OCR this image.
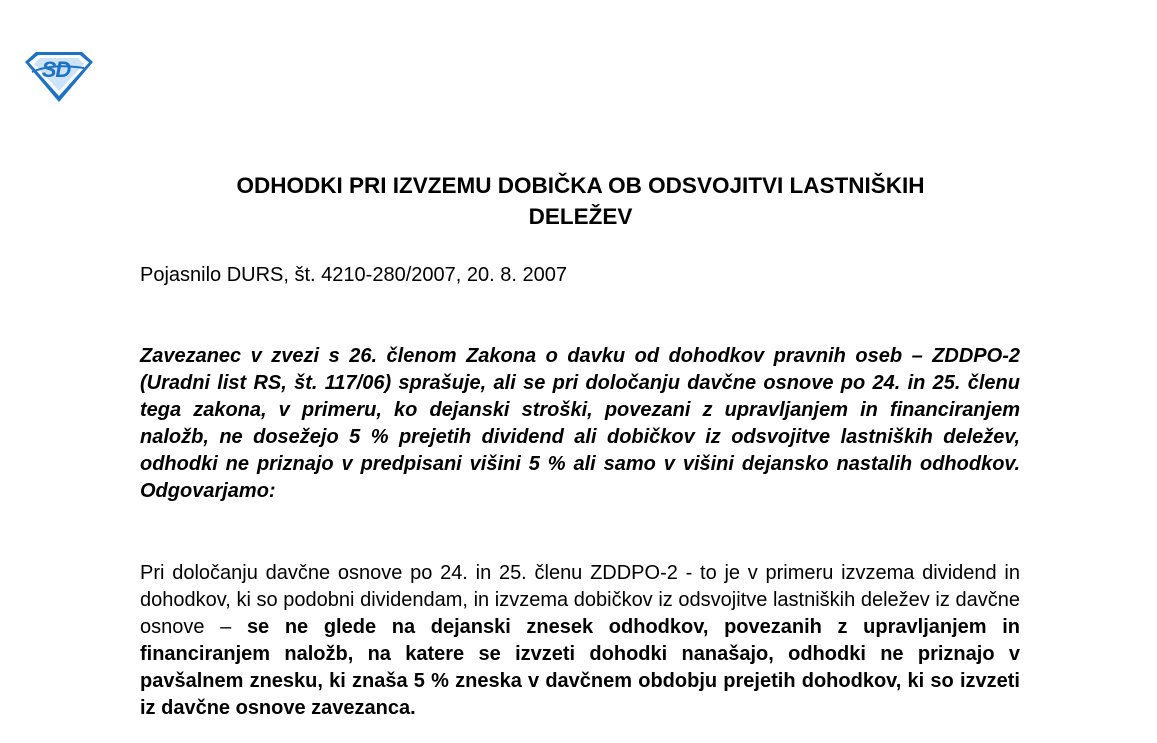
SD
ODHODKI PRI IZVZEMU DOBIČKA OB ODSVOJITVI LASTNIŠKIH
DELEŽEV

Pojasnilo DURS, št. 4210-280/2007, 20. 8. 2007

Zavezanec v zvezi s 26. členom Zakona o davku od dohodkov pravnih oseb – ZDDPO-2 (Uradni list RS, št. 117/06) sprašuje, ali se pri določanju davčne osnove po 24. in 25. členu tega zakona, v primeru, ko dejanski stroški, povezani z upravljanjem in financiranjem naložb, ne dosežejo 5 % prejetih dividend ali dobičkov iz odsvojitve lastniških deležev, odhodki ne priznajo v predpisani višini 5 % ali samo v višini dejansko nastalih odhodkov. Odgovarjamo:

Pri določanju davčne osnove po 24. in 25. členu ZDDPO-2 - to je v primeru izvzema dividend in dohodkov, ki so podobni dividendam, in izvzema dobičkov iz odsvojitve lastniških deležev iz davčne osnove – se ne glede na dejanski znesek odhodkov, povezanih z upravljanjem in financiranjem naložb, na katere se izvzeti dohodki nanašajo, odhodki ne priznajo v pavšalnem znesku, ki znaša 5 % zneska v davčnem obdobju prejetih dohodkov, ki so izvzeti iz davčne osnove zavezanca.
